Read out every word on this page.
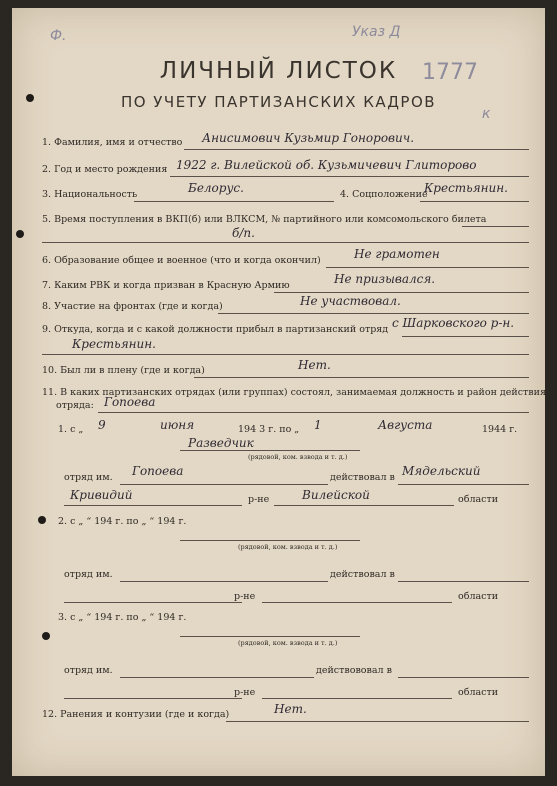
Ф.	Указ Д
1777
к
ЛИЧНЫЙ ЛИСТОК
ПО УЧЕТУ ПАРТИЗАНСКИХ КАДРОВ
1. Фамилия, имя и отчество Анисимович Кузьмир Гонорович.
2. Год и место рождения 1922 г. Вилейской об. Кузьмичевич Глиторово
3. Национальность	Белорус.	4. Соцположение
Крестьянин.
5. Время поступления в ВКП(б) или ВЛКСМ, № партийного или комсомольского билета
б/п.
6. Образование общее и военное (что и когда окончил)	Не грамотен
7. Каким РВК и когда призван в Красную Армию	Не призывался.
8. Участие на фронтах (где и когда)	Не участвовал.
9. Откуда, когда и с какой должности прибыл в партизанский отряд с Шарковского р-н.
Крестьянин.
10. Был ли в плену (где и когда)	Нет.
11. В каких партизанских отрядах (или группах) состоял, занимаемая должность и район действия
отряда: Гопоева
1. с „ 9	июня	194 3 г. по „ 1	Августа	1944 г.
Разведчик
(рядовой, ком. взвода и т. д.)
отряд им. Гопоева	действовал в Мядельский
Кривидий	р-не	Вилейской	области
2. с „ “ 194 г. по „ “ 194 г.
(рядовой, ком. взвода и т. д.)
отряд им.	действовал в
р-не	области
3. с „ “ 194 г. по „ “ 194 г.
(рядовой, ком. взвода и т. д.)
отряд им.	действововал в
р-не	области
12. Ранения и контузии (где и когда)	Нет.
